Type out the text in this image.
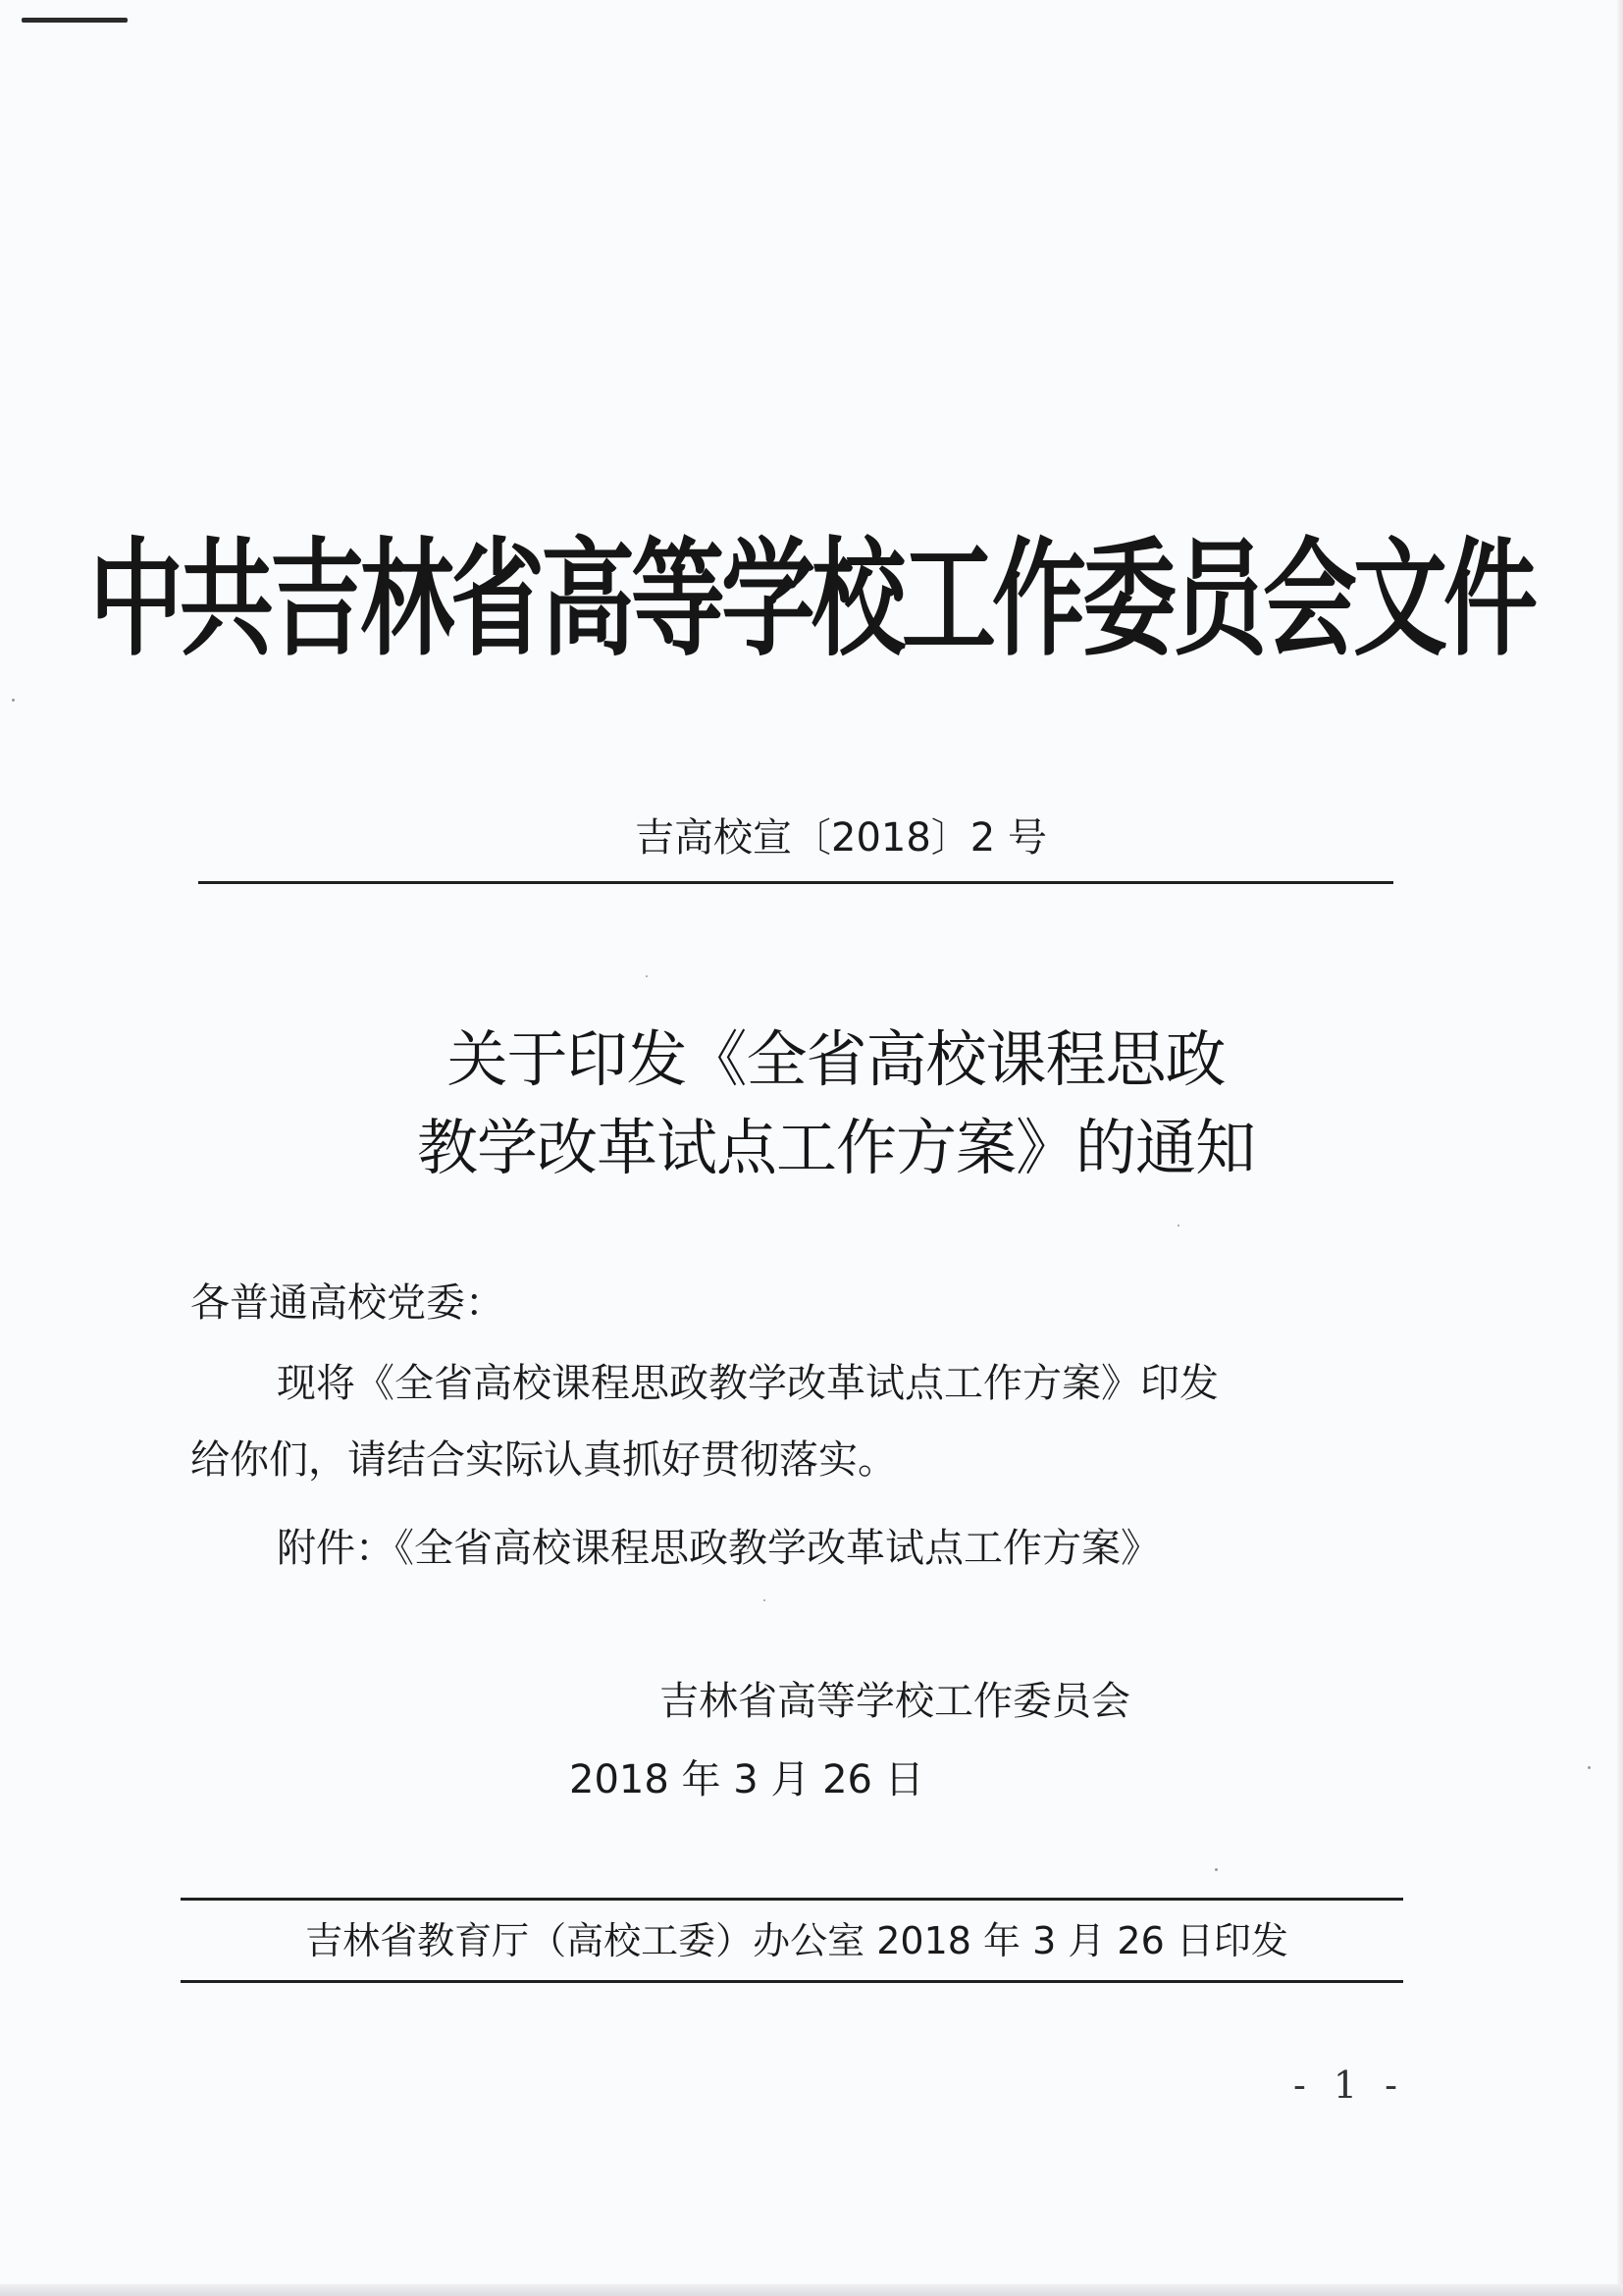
中共吉林省高等学校工作委员会文件
吉高校宣〔2018〕2 号
关于印发《全省高校课程思政
教学改革试点工作方案》的通知
各普通高校党委：
现将《全省高校课程思政教学改革试点工作方案》印发
给你们，请结合实际认真抓好贯彻落实。
附件：《全省高校课程思政教学改革试点工作方案》
吉林省高等学校工作委员会
2018 年 3 月 26 日
吉林省教育厅（高校工委）办公室 2018 年 3 月 26 日印发
- 1 -
